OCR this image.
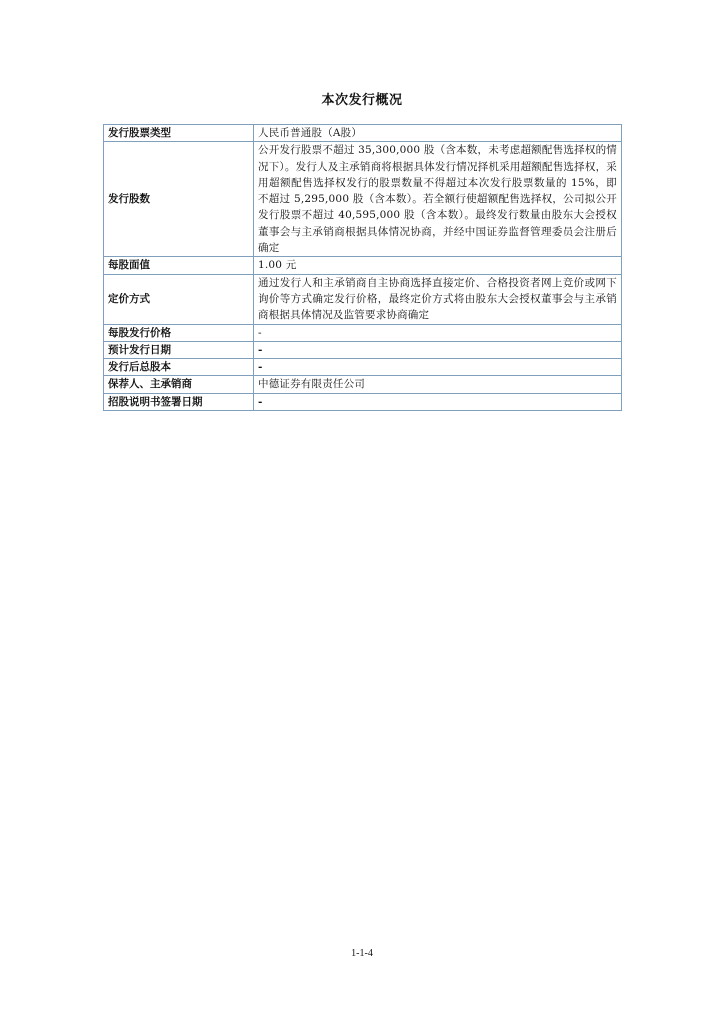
本次发行概况
发行股票类型	人民币普通股（A股）
发行股数	公开发行股票不超过 35,300,000 股（含本数，未考虑超额配售选择权的情况下）。发行人及主承销商将根据具体发行情况择机采用超额配售选择权，采用超额配售选择权发行的股票数量不得超过本次发行股票数量的 15%，即不超过 5,295,000 股（含本数）。若全额行使超额配售选择权，公司拟公开发行股票不超过 40,595,000 股（含本数）。最终发行数量由股东大会授权董事会与主承销商根据具体情况协商，并经中国证券监督管理委员会注册后确定
每股面值	1.00 元
定价方式	通过发行人和主承销商自主协商选择直接定价、合格投资者网上竞价或网下询价等方式确定发行价格，最终定价方式将由股东大会授权董事会与主承销商根据具体情况及监管要求协商确定
每股发行价格	-
预计发行日期	-
发行后总股本	-
保荐人、主承销商	中德证券有限责任公司
招股说明书签署日期	-
1-1-4
